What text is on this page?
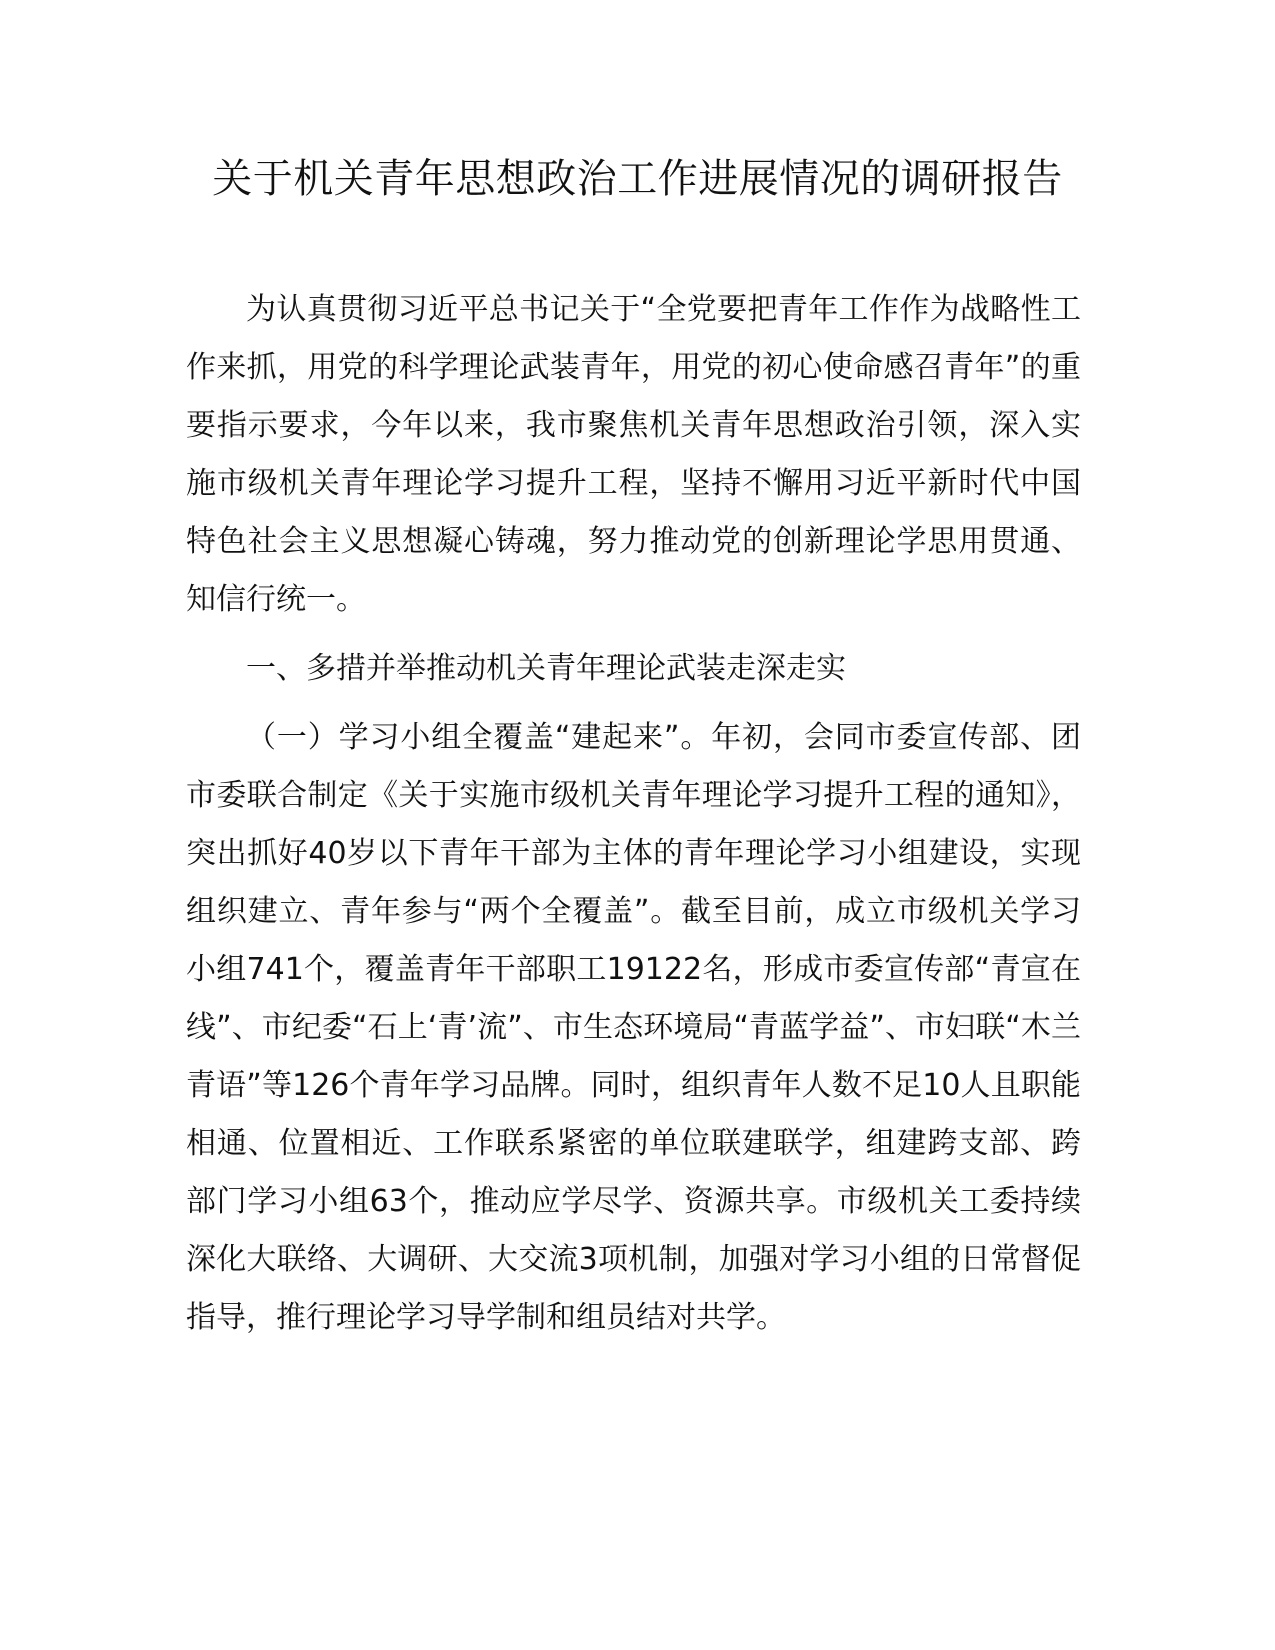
关于机关青年思想政治工作进展情况的调研报告

为认真贯彻习近平总书记关于“全党要把青年工作作为战略性工作来抓，用党的科学理论武装青年，用党的初心使命感召青年”的重要指示要求，今年以来，我市聚焦机关青年思想政治引领，深入实施市级机关青年理论学习提升工程，坚持不懈用习近平新时代中国特色社会主义思想凝心铸魂，努力推动党的创新理论学思用贯通、知信行统一。

一、多措并举推动机关青年理论武装走深走实

（一）学习小组全覆盖“建起来”。年初，会同市委宣传部、团市委联合制定《关于实施市级机关青年理论学习提升工程的通知》，突出抓好40岁以下青年干部为主体的青年理论学习小组建设，实现组织建立、青年参与“两个全覆盖”。截至目前，成立市级机关学习小组741个，覆盖青年干部职工19122名，形成市委宣传部“青宣在线”、市纪委“石上‘青’流”、市生态环境局“青蓝学益”、市妇联“木兰青语”等126个青年学习品牌。同时，组织青年人数不足10人且职能相通、位置相近、工作联系紧密的单位联建联学，组建跨支部、跨部门学习小组63个，推动应学尽学、资源共享。市级机关工委持续深化大联络、大调研、大交流3项机制，加强对学习小组的日常督促指导，推行理论学习导学制和组员结对共学。
